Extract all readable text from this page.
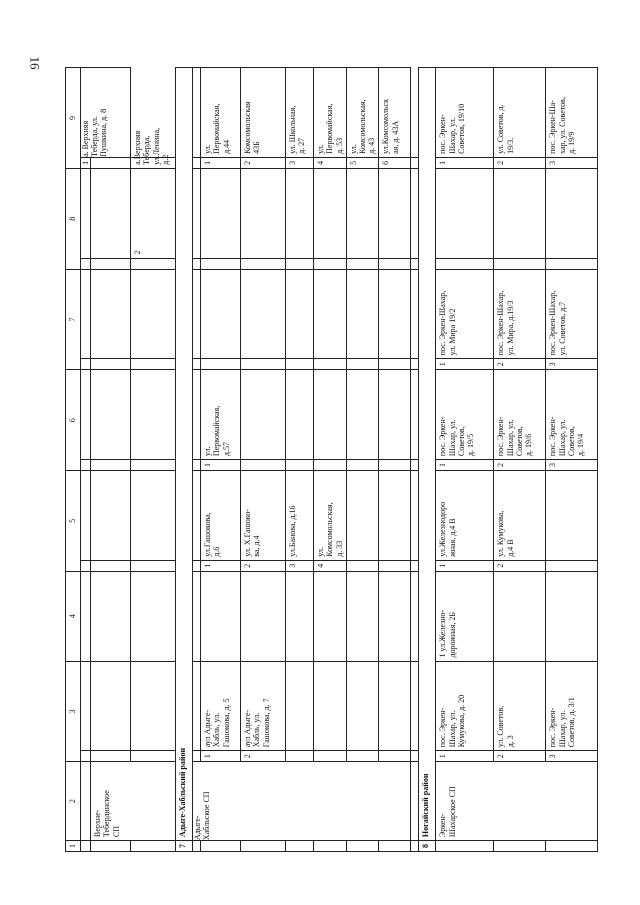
16
1	2	3		4	5		6		7		8		9	
													1	а. Верхняя
Теберда, ул.
Пушкина, д. 8

	Верхне-
Тебердинское
СП													

												2	а.Верхняя
Теберда,
ул.Ленина, д.2	

7	Адыге-Хабльский район													

	Адыге-
Хабльское СП													

		1	аул Адыге-
Хабль, ул.
Гашокова, д. 5		1	ул.Гашокова,
д.6	1	ул.
Первомайская,
д.57					1	ул.
Первомайская,
д.44

		2	аул Адыге-
Хабль, ул.
Гашокова, д. 7		2	ул. Х.Гашоко-
ва, д.4							2	Комсомольская
43Б

					3	ул.Банова, д.16							3	ул. Школьная,
д. 27

					4	ул.
Комсомольская,
д. 33							4	ул.
Первомайская,
д. 53

													5	ул.
Комсомольская,
д. 43

													6	ул.Комсомольск
ая, д. 43А

8	Ногайский район													

	Эркен-
Шахарское СП	1	пос. Эркен-
Шахар, ул.
Кумукова, д. 20	1 ул.Железно-
дорожная, 2Б	1	ул.Железнодоро
жная, д.4 В	1	пос. Эркен-
Шахар, ул.
Советов,
д. 19/5	1	пос. Эркен-Шахар,
ул. Мира 19/2			1	пос. Эркен-
Шахар, ул.
Советов, 19/10

		2	ул. Советов,
д. 3		2	ул. Кумукова,
д.4 В	2	пос. Эркен-
Шахар, ул.
Советов,
д. 19/6	2	пос. Эркен-Шахар,
ул. Мира, д.19/3			2	ул. Советов, д.
19/3.

		3	пос. Эркен-
Шахар, ул.
Советов, д. 3/1				3	пос. Эркен-
Шахар, ул.
Советов,
д. 19/4	3	пос. Эркен-Шахар,
ул. Советов, д.7			3	пос. Эркен-Ша-
хар, ул. Советов,
д. 19/9
